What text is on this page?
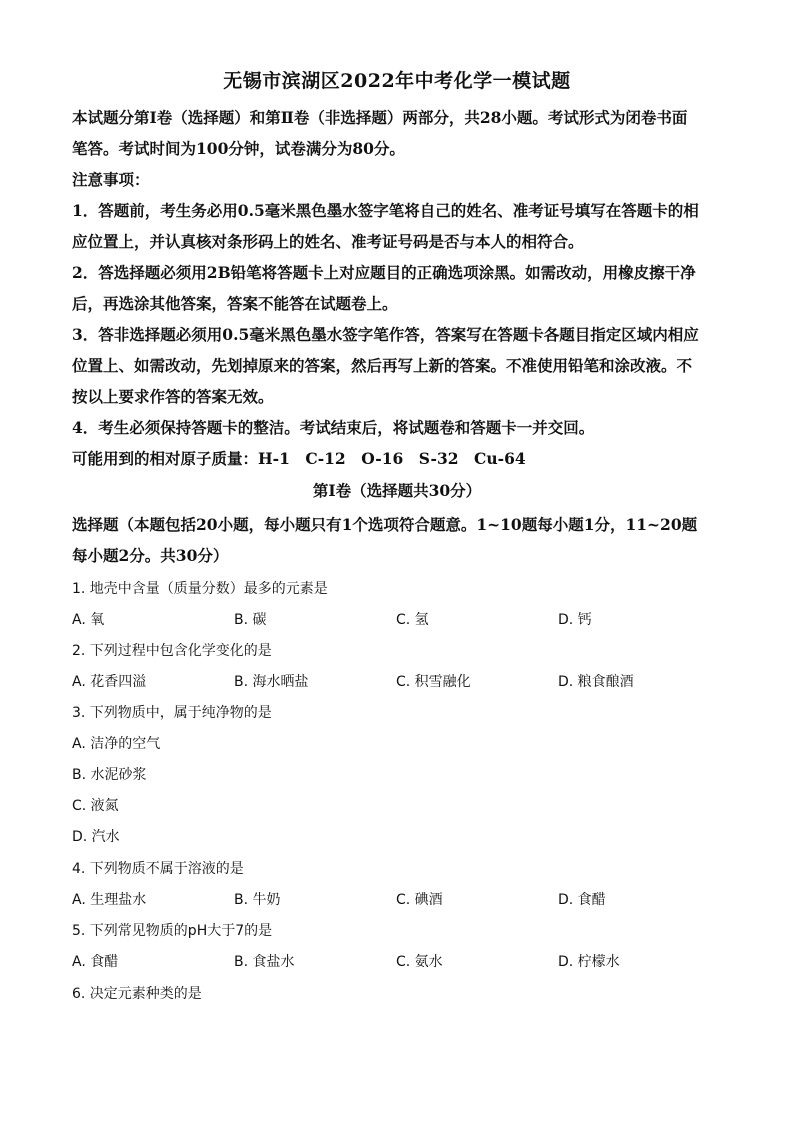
无锡市滨湖区2022年中考化学一模试题
本试题分第Ⅰ卷（选择题）和第Ⅱ卷（非选择题）两部分，共28小题。考试形式为闭卷书面
笔答。考试时间为100分钟，试卷满分为80分。
注意事项：
1．答题前，考生务必用0.5毫米黑色墨水签字笔将自己的姓名、准考证号填写在答题卡的相
应位置上，并认真核对条形码上的姓名、准考证号码是否与本人的相符合。
2．答选择题必须用2B铅笔将答题卡上对应题目的正确选项涂黑。如需改动，用橡皮擦干净
后，再选涂其他答案，答案不能答在试题卷上。
3．答非选择题必须用0.5毫米黑色墨水签字笔作答，答案写在答题卡各题目指定区域内相应
位置上、如需改动，先划掉原来的答案，然后再写上新的答案。不准使用铅笔和涂改液。不
按以上要求作答的答案无效。
4．考生必须保持答题卡的整洁。考试结束后，将试题卷和答题卡一并交回。
可能用到的相对原子质量：H-1　C-12　O-16　S-32　Cu-64
第Ⅰ卷（选择题共30分）
选择题（本题包括20小题，每小题只有1个选项符合题意。1~10题每小题1分，11~20题
每小题2分。共30分）
1. 地壳中含量（质量分数）最多的元素是
A. 氧	B. 碳	C. 氢	D. 钙
2. 下列过程中包含化学变化的是
A. 花香四溢	B. 海水晒盐	C. 积雪融化	D. 粮食酿酒
3. 下列物质中，属于纯净物的是
A. 洁净的空气
B. 水泥砂浆
C. 液氮
D. 汽水
4. 下列物质不属于溶液的是
A. 生理盐水	B. 牛奶	C. 碘酒	D. 食醋
5. 下列常见物质的pH大于7的是
A. 食醋	B. 食盐水	C. 氨水	D. 柠檬水
6. 决定元素种类的是
